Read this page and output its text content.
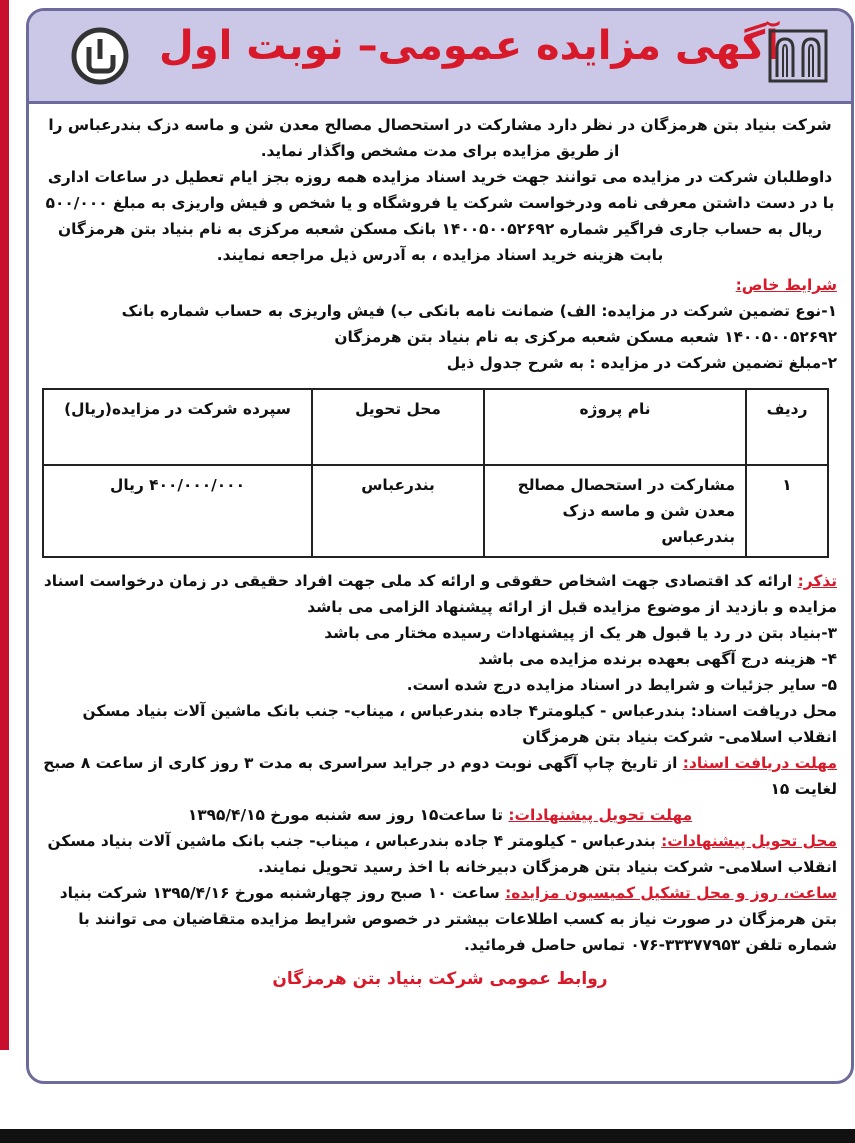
آگهی مزایده عمومی– نوبت اول

شرکت بنیاد بتن هرمزگان در نظر دارد مشارکت در استحصال مصالح معدن شن و ماسه دزک بندرعباس را از طریق مزایده برای مدت مشخص واگذار نماید.

داوطلبان شرکت در مزایده می توانند جهت خرید اسناد مزایده همه روزه بجز ایام تعطیل در ساعات اداری با در دست داشتن معرفی نامه ودرخواست شرکت یا فروشگاه و یا شخص و فیش واریزی به مبلغ ۵۰۰/۰۰۰ ریال به حساب جاری فراگیر شماره ۱۴۰۰۵۰۰۵۲۶۹۲ بانک مسکن شعبه مرکزی به نام بنیاد بتن هرمزگان بابت هزینه خرید اسناد مزایده ، به آدرس ذیل مراجعه نمایند.

شرایط خاص:

۱-نوع تضمین شرکت در مزایده: الف) ضمانت نامه بانکی ب) فیش واریزی به حساب شماره بانک ۱۴۰۰۵۰۰۵۲۶۹۲ شعبه مسکن شعبه مرکزی به نام بنیاد بتن هرمزگان

۲-مبلغ تضمین شرکت در مزایده : به شرح جدول ذیل

ردیف	نام پروژه	محل تحویل	سپرده شرکت در مزایده(ریال)
۱	مشارکت در استحصال مصالح معدن شن و ماسه دزک بندرعباس	بندرعباس	۴۰۰/۰۰۰/۰۰۰ ریال

تذکر: ارائه کد اقتصادی جهت اشخاص حقوقی و ارائه کد ملی جهت افراد حقیقی در زمان درخواست اسناد مزایده و بازدید از موضوع مزایده قبل از ارائه پیشنهاد الزامی می باشد

۳-بنیاد بتن در رد یا قبول هر یک از پیشنهادات رسیده مختار می باشد

۴- هزینه درج آگهی بعهده برنده مزایده می باشد

۵- سایر جزئیات و شرایط در اسناد مزایده درج شده است.

محل دریافت اسناد: بندرعباس - کیلومتر۴ جاده بندرعباس ، میناب- جنب بانک ماشین آلات بنیاد مسکن انقلاب اسلامی- شرکت بنیاد بتن هرمزگان

مهلت دریافت اسناد: از تاریخ چاپ آگهی نوبت دوم در جراید سراسری به مدت ۳ روز کاری از ساعت ۸ صبح لغایت ۱۵

مهلت تحویل پیشنهادات: تا ساعت۱۵ روز سه شنبه مورخ ۱۳۹۵/۴/۱۵

محل تحویل پیشنهادات: بندرعباس - کیلومتر ۴ جاده بندرعباس ، میناب- جنب بانک ماشین آلات بنیاد مسکن انقلاب اسلامی- شرکت بنیاد بتن هرمزگان دبیرخانه با اخذ رسید تحویل نمایند.

ساعت، روز و محل تشکیل کمیسیون مزایده: ساعت ۱۰ صبح روز چهارشنبه مورخ ۱۳۹۵/۴/۱۶ شرکت بنیاد بتن هرمزگان در صورت نیاز به کسب اطلاعات بیشتر در خصوص شرایط مزایده متقاضیان می توانند با شماره تلفن ۳۳۳۷۷۹۵۳-۰۷۶ تماس حاصل فرمائید.

روابط عمومی شرکت بنیاد بتن هرمزگان
